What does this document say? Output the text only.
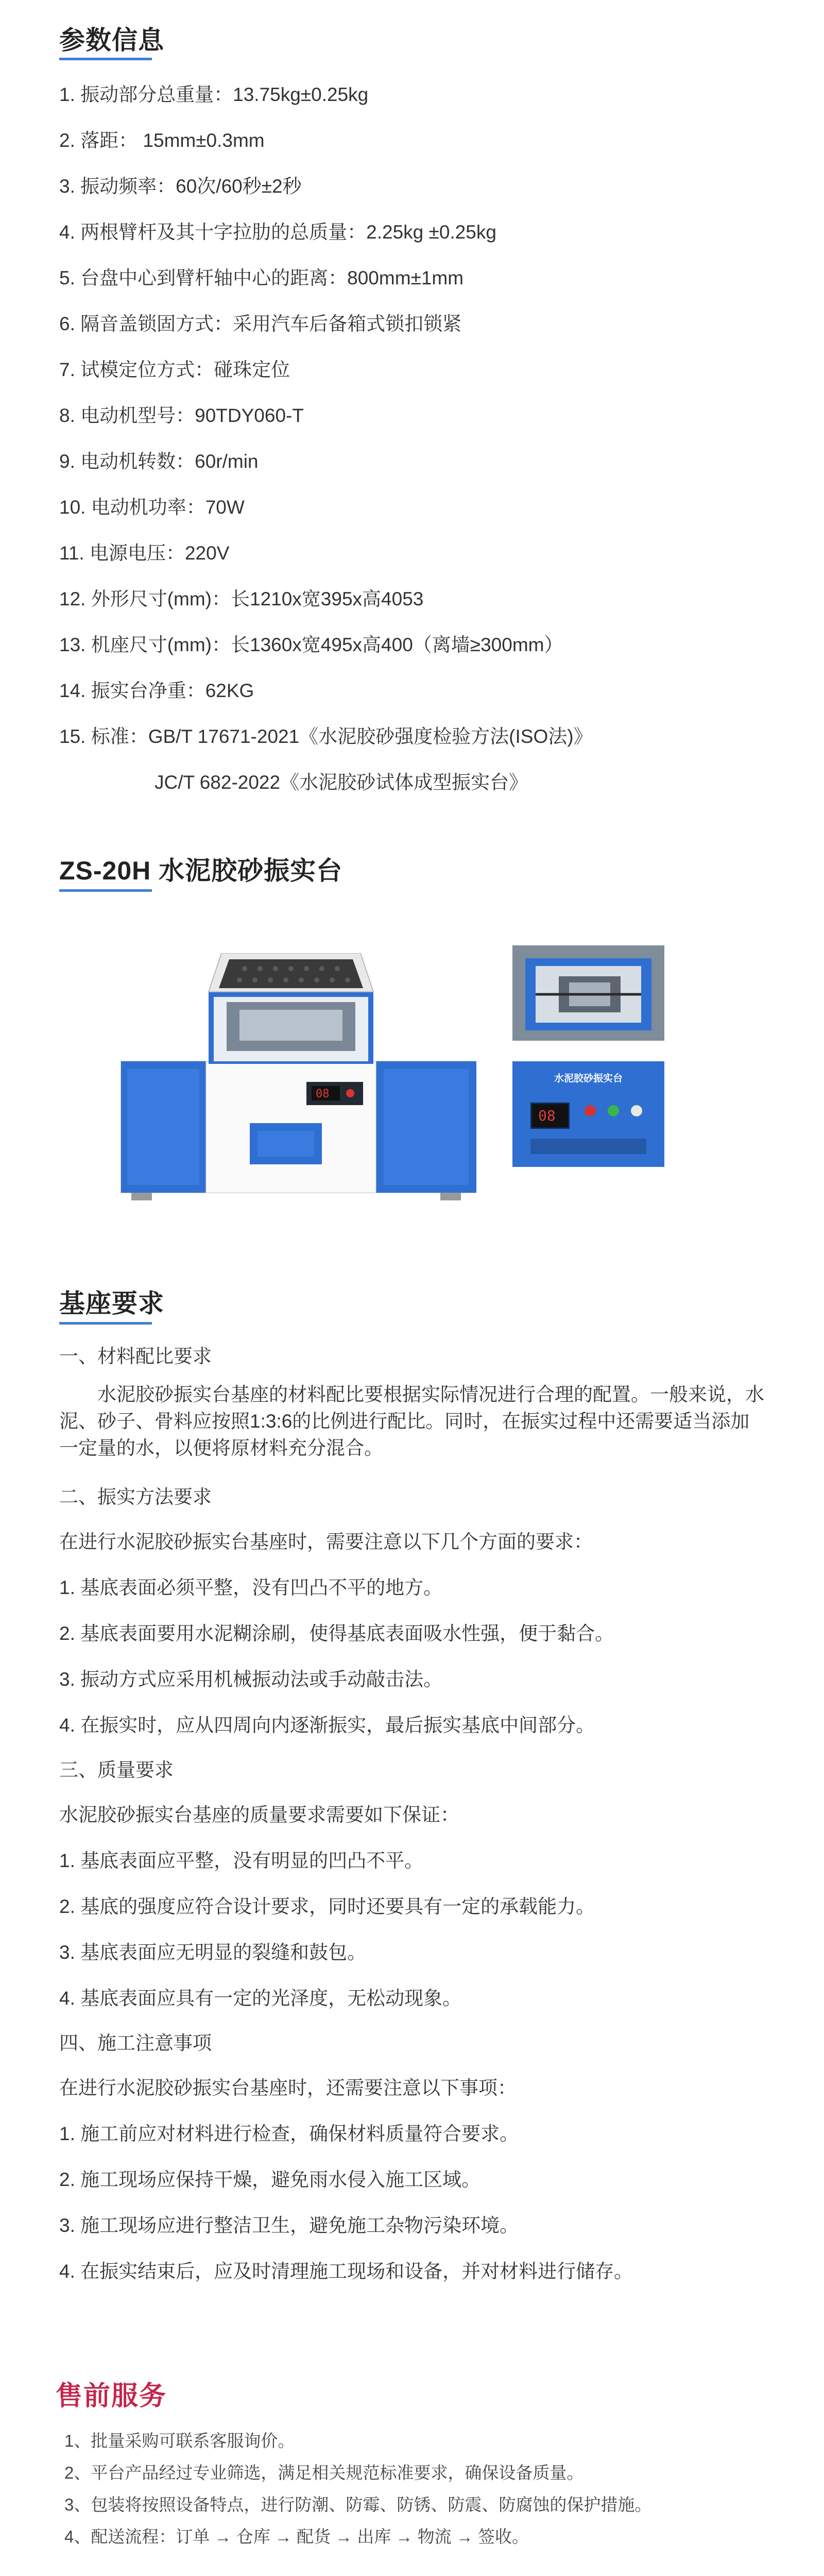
参数信息
1. 振动部分总重量：13.75kg±0.25kg
2. 落距： 15mm±0.3mm
3. 振动频率：60次/60秒±2秒
4. 两根臂杆及其十字拉肋的总质量：2.25kg ±0.25kg
5. 台盘中心到臂杆轴中心的距离：800mm±1mm
6. 隔音盖锁固方式：采用汽车后备箱式锁扣锁紧
7. 试模定位方式：碰珠定位
8. 电动机型号：90TDY060-T
9. 电动机转数：60r/min
10. 电动机功率：70W
11. 电源电压：220V
12. 外形尺寸(mm)：长1210x宽395x高4053
13. 机座尺寸(mm)：长1360x宽495x高400（离墙≥300mm）
14. 振实台净重：62KG
15. 标准：GB/T 17671-2021《水泥胶砂强度检验方法(ISO法)》
JC/T 682-2022《水泥胶砂试体成型振实台》
ZS-20H 水泥胶砂振实台
08
水泥胶砂振实台
08
基座要求
一、材料配比要求
水泥胶砂振实台基座的材料配比要根据实际情况进行合理的配置。一般来说，水泥、砂子、骨料应按照1:3:6的比例进行配比。同时，在振实过程中还需要适当添加一定量的水，以便将原材料充分混合。
二、振实方法要求
在进行水泥胶砂振实台基座时，需要注意以下几个方面的要求：
1. 基底表面必须平整，没有凹凸不平的地方。
2. 基底表面要用水泥糊涂刷，使得基底表面吸水性强，便于黏合。
3. 振动方式应采用机械振动法或手动敲击法。
4. 在振实时，应从四周向内逐渐振实，最后振实基底中间部分。
三、质量要求
水泥胶砂振实台基座的质量要求需要如下保证：
1. 基底表面应平整，没有明显的凹凸不平。
2. 基底的强度应符合设计要求，同时还要具有一定的承载能力。
3. 基底表面应无明显的裂缝和鼓包。
4. 基底表面应具有一定的光泽度，无松动现象。
四、施工注意事项
在进行水泥胶砂振实台基座时，还需要注意以下事项：
1. 施工前应对材料进行检查，确保材料质量符合要求。
2. 施工现场应保持干燥，避免雨水侵入施工区域。
3. 施工现场应进行整洁卫生，避免施工杂物污染环境。
4. 在振实结束后，应及时清理施工现场和设备，并对材料进行储存。
售前服务
1、批量采购可联系客服询价。
2、平台产品经过专业筛选，满足相关规范标准要求，确保设备质量。
3、包装将按照设备特点，进行防潮、防霉、防锈、防震、防腐蚀的保护措施。
4、配送流程：订单 → 仓库 → 配货 → 出库 → 物流 → 签收。
